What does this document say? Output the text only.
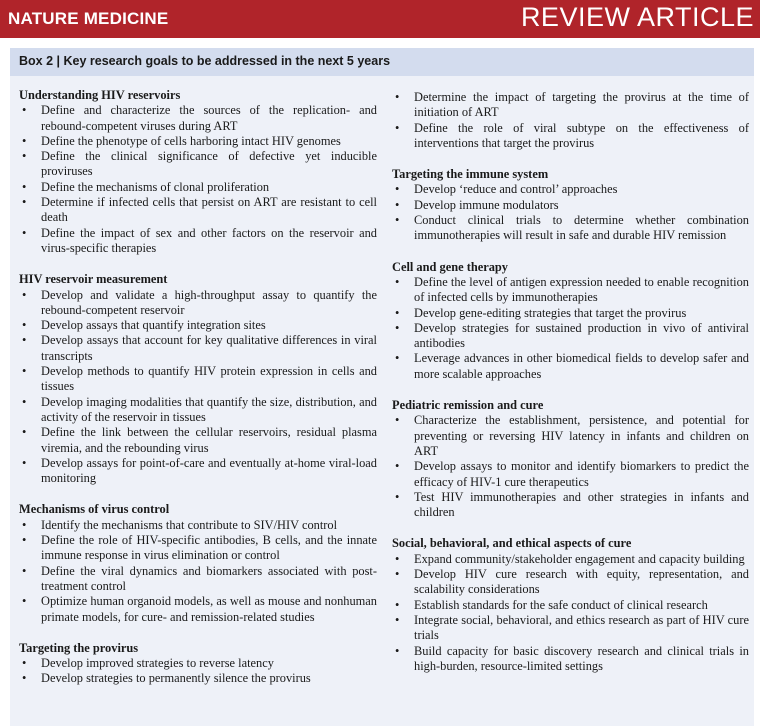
NATURE MEDICINE	REVIEW ARTICLE
Box 2 | Key research goals to be addressed in the next 5 years

Understanding HIV reservoirs

• Define and characterize the sources of the replication- and rebound-competent viruses during ART
• Define the phenotype of cells harboring intact HIV genomes
• Define the clinical significance of defective yet inducible proviruses
• Define the mechanisms of clonal proliferation
• Determine if infected cells that persist on ART are resistant to cell death
• Define the impact of sex and other factors on the reservoir and virus-specific therapies

HIV reservoir measurement

• Develop and validate a high-throughput assay to quantify the rebound-competent reservoir
• Develop assays that quantify integration sites
• Develop assays that account for key qualitative differences in viral transcripts
• Develop methods to quantify HIV protein expression in cells and tissues
• Develop imaging modalities that quantify the size, distribution, and activity of the reservoir in tissues
• Define the link between the cellular reservoirs, residual plasma viremia, and the rebounding virus
• Develop assays for point-of-care and eventually at-home viral-load monitoring

Mechanisms of virus control

• Identify the mechanisms that contribute to SIV/HIV control
• Define the role of HIV-specific antibodies, B cells, and the innate immune response in virus elimination or control
• Define the viral dynamics and biomarkers associated with post-treatment control
• Optimize human organoid models, as well as mouse and nonhuman primate models, for cure- and remission-related studies

Targeting the provirus

• Develop improved strategies to reverse latency
• Develop strategies to permanently silence the provirus
• Determine the impact of targeting the provirus at the time of initiation of ART
• Define the role of viral subtype on the effectiveness of interventions that target the provirus

Targeting the immune system

• Develop ‘reduce and control’ approaches
• Develop immune modulators
• Conduct clinical trials to determine whether combination immunotherapies will result in safe and durable HIV remission

Cell and gene therapy

• Define the level of antigen expression needed to enable recognition of infected cells by immunotherapies
• Develop gene-editing strategies that target the provirus
• Develop strategies for sustained production in vivo of antiviral antibodies
• Leverage advances in other biomedical fields to develop safer and more scalable approaches

Pediatric remission and cure

• Characterize the establishment, persistence, and potential for preventing or reversing HIV latency in infants and children on ART
• Develop assays to monitor and identify biomarkers to predict the efficacy of HIV-1 cure therapeutics
• Test HIV immunotherapies and other strategies in infants and children

Social, behavioral, and ethical aspects of cure

• Expand community/stakeholder engagement and capacity building
• Develop HIV cure research with equity, representation, and scalability considerations
• Establish standards for the safe conduct of clinical research
• Integrate social, behavioral, and ethics research as part of HIV cure trials
• Build capacity for basic discovery research and clinical trials in high-burden, resource-limited settings
